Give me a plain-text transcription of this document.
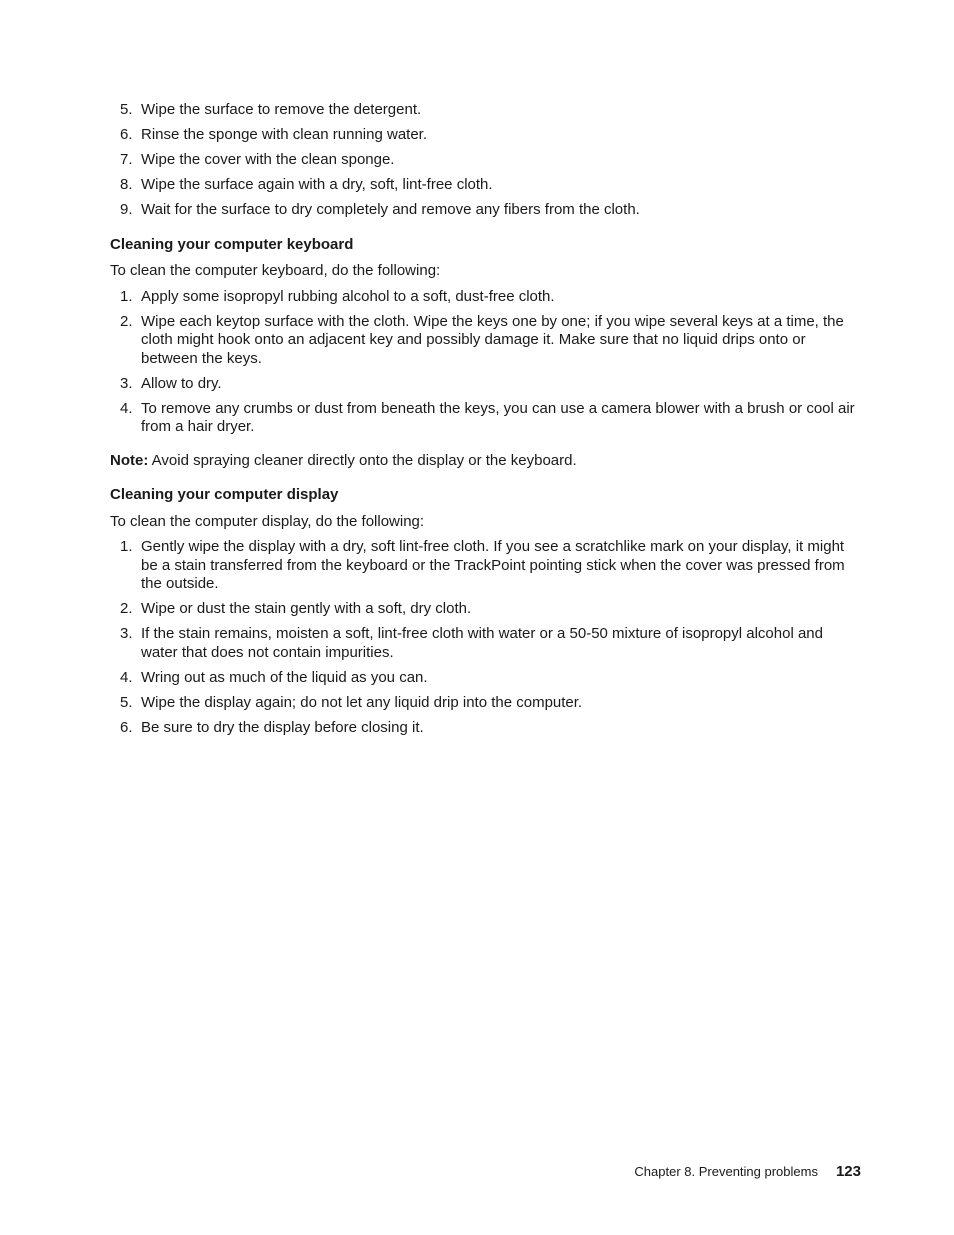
5. Wipe the surface to remove the detergent.
6. Rinse the sponge with clean running water.
7. Wipe the cover with the clean sponge.
8. Wipe the surface again with a dry, soft, lint-free cloth.
9. Wait for the surface to dry completely and remove any fibers from the cloth.
Cleaning your computer keyboard

To clean the computer keyboard, do the following:

1. Apply some isopropyl rubbing alcohol to a soft, dust-free cloth.
2. Wipe each keytop surface with the cloth. Wipe the keys one by one; if you wipe several keys at a time, the cloth might hook onto an adjacent key and possibly damage it. Make sure that no liquid drips onto or between the keys.
3. Allow to dry.
4. To remove any crumbs or dust from beneath the keys, you can use a camera blower with a brush or cool air from a hair dryer.

Note: Avoid spraying cleaner directly onto the display or the keyboard.

Cleaning your computer display

To clean the computer display, do the following:

1. Gently wipe the display with a dry, soft lint-free cloth. If you see a scratchlike mark on your display, it might be a stain transferred from the keyboard or the TrackPoint pointing stick when the cover was pressed from the outside.
2. Wipe or dust the stain gently with a soft, dry cloth.
3. If the stain remains, moisten a soft, lint-free cloth with water or a 50-50 mixture of isopropyl alcohol and water that does not contain impurities.
4. Wring out as much of the liquid as you can.
5. Wipe the display again; do not let any liquid drip into the computer.
6. Be sure to dry the display before closing it.
Chapter 8. Preventing problems 123
